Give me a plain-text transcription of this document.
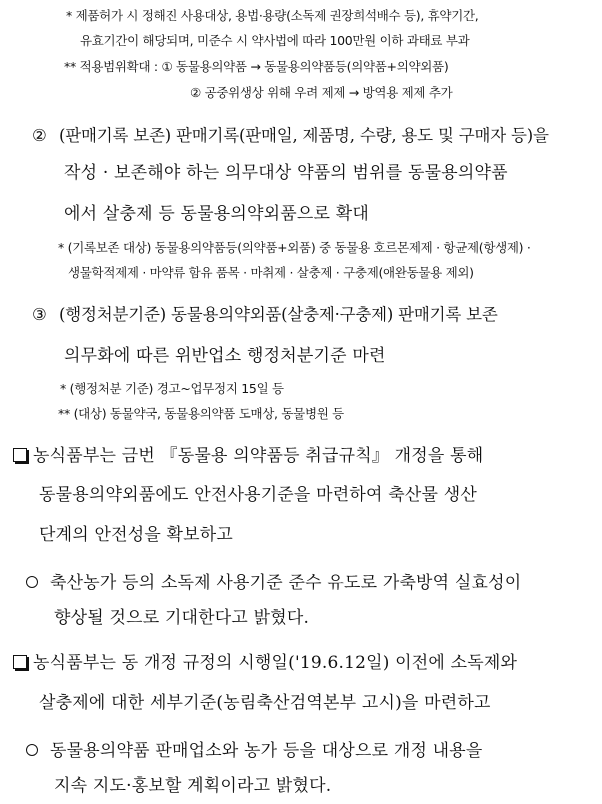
* 제품허가 시 정해진 사용대상, 용법·용량(소독제 권장희석배수 등), 휴약기간,
유효기간이 해당되며, 미준수 시 약사법에 따라 100만원 이하 과태료 부과
** 적용범위확대 : ① 동물용의약품 → 동물용의약품등(의약품+의약외품)
② 공중위생상 위해 우려 제제 → 방역용 제제 추가
② (판매기록 보존) 판매기록(판매일, 제품명, 수량, 용도 및 구매자 등)을
작성 · 보존해야 하는 의무대상 약품의 범위를 동물용의약품
에서 살충제 등 동물용의약외품으로 확대
* (기록보존 대상) 동물용의약품등(의약품+외품) 중 동물용 호르몬제제 · 항균제(항생제) ·
생물학적제제 · 마약류 함유 품목 · 마취제 · 살충제 · 구충제(애완동물용 제외)
③ (행정처분기준) 동물용의약외품(살충제·구충제) 판매기록 보존
의무화에 따른 위반업소 행정처분기준 마련
* (행정처분 기준) 경고~업무정지 15일 등
** (대상) 동물약국, 동물용의약품 도매상, 동물병원 등
농식품부는 금번 『동물용 의약품등 취급규칙』 개정을 통해
동물용의약외품에도 안전사용기준을 마련하여 축산물 생산
단계의 안전성을 확보하고
축산농가 등의 소독제 사용기준 준수 유도로 가축방역 실효성이
향상될 것으로 기대한다고 밝혔다.
농식품부는 동 개정 규정의 시행일('19.6.12일) 이전에 소독제와
살충제에 대한 세부기준(농림축산검역본부 고시)을 마련하고
동물용의약품 판매업소와 농가 등을 대상으로 개정 내용을
지속 지도·홍보할 계획이라고 밝혔다.
